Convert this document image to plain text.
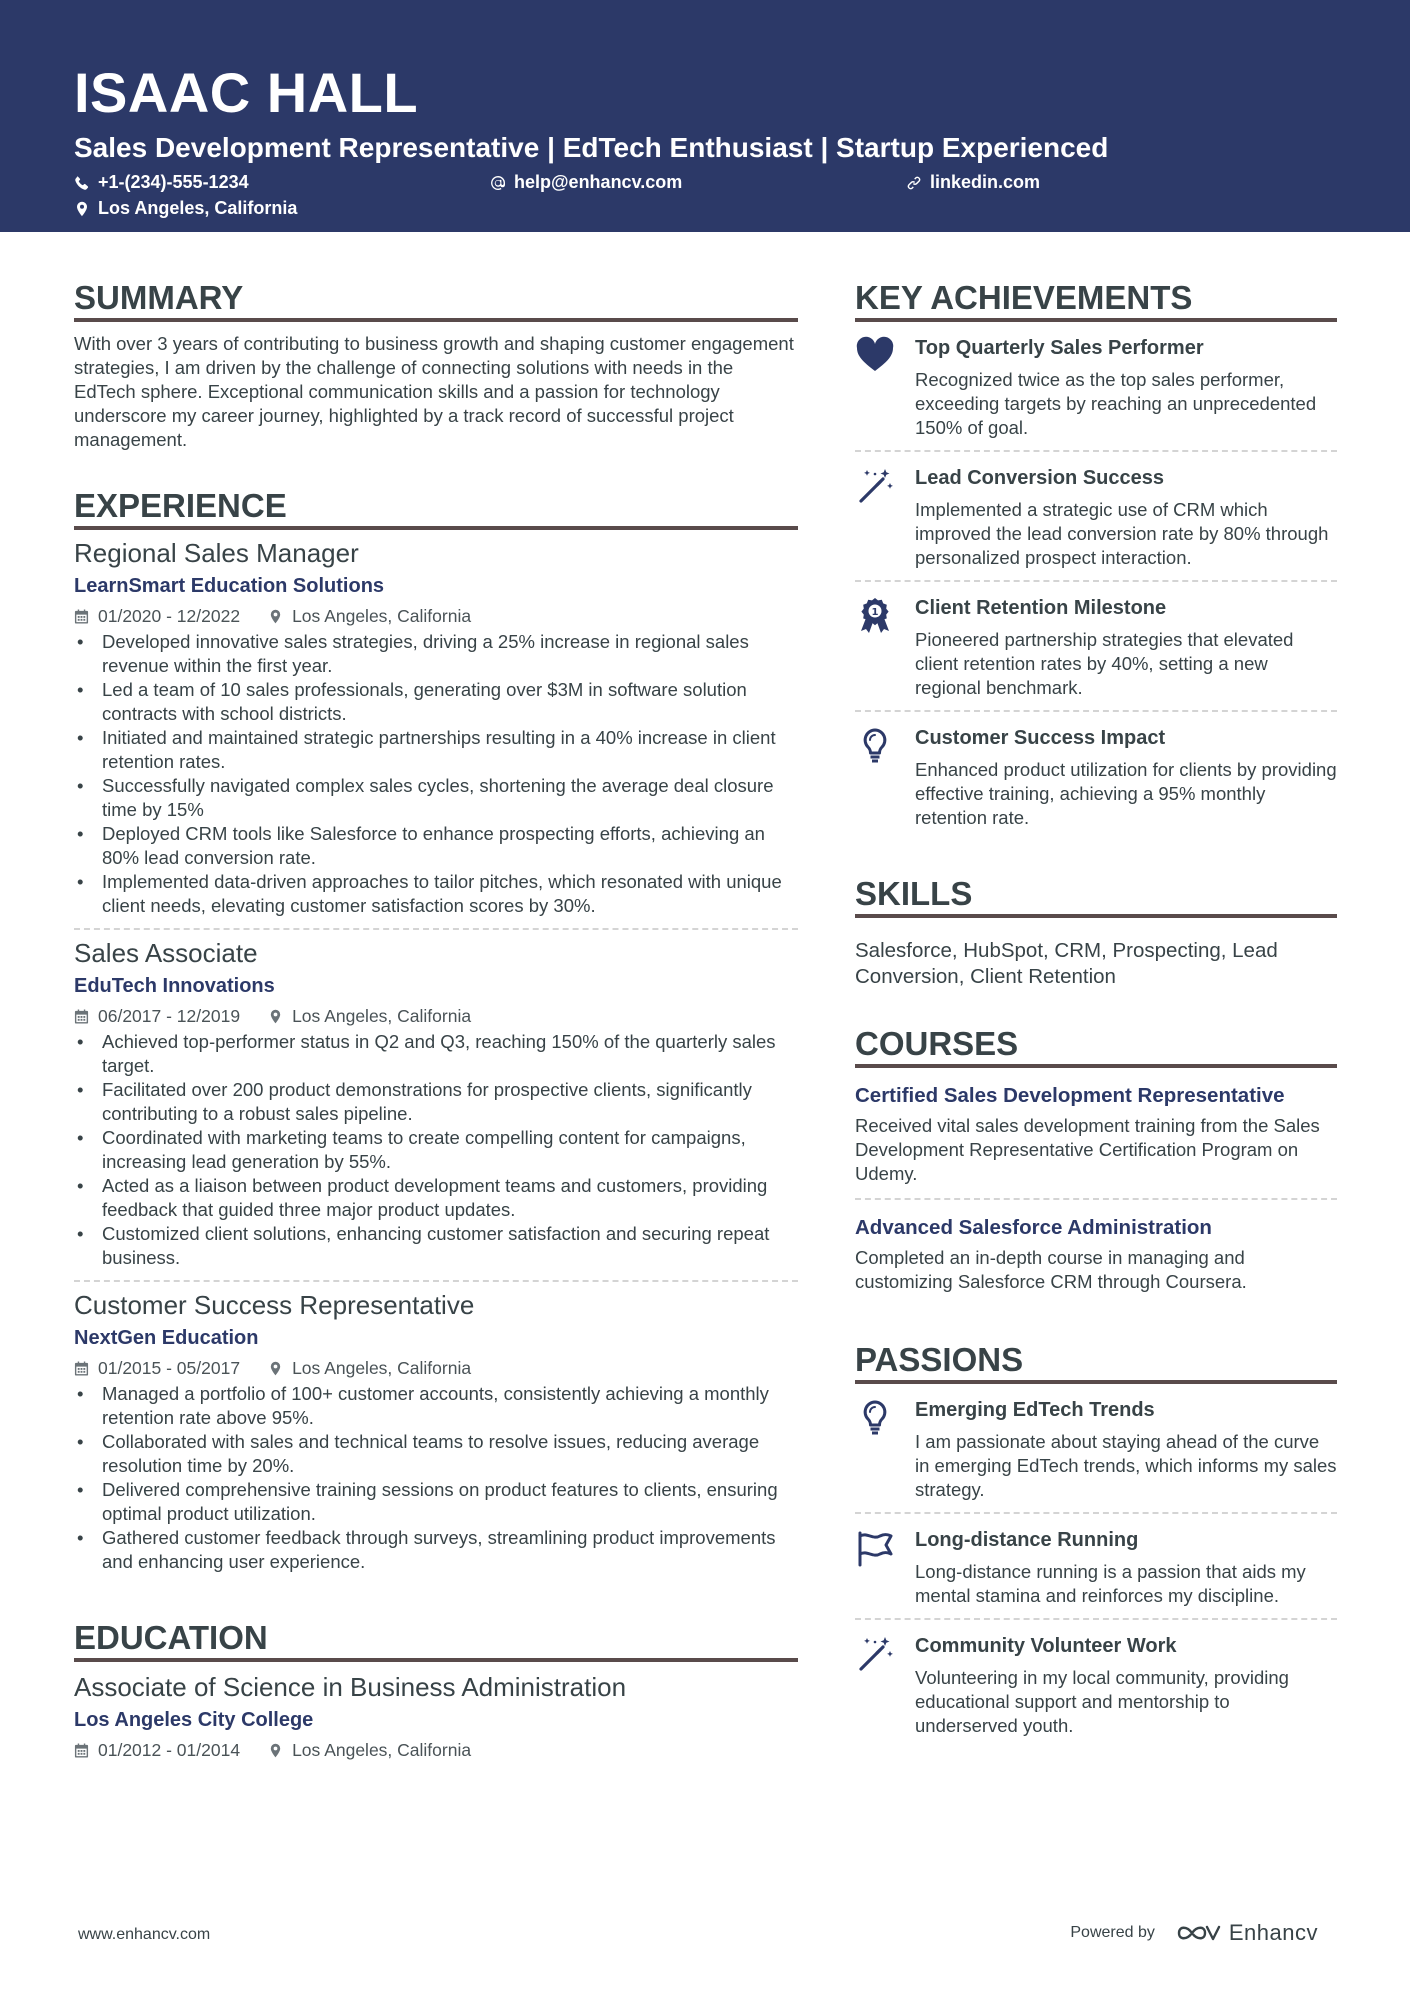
ISAAC HALL
Sales Development Representative | EdTech Enthusiast | Startup Experienced
+1-(234)-555-1234	help@enhancv.com	linkedin.com
Los Angeles, California
SUMMARY

With over 3 years of contributing to business growth and shaping customer engagement strategies, I am driven by the challenge of connecting solutions with needs in the EdTech sphere. Exceptional communication skills and a passion for technology underscore my career journey, highlighted by a track record of successful project management.

EXPERIENCE
Regional Sales Manager
LearnSmart Education Solutions
01/2020 - 12/2022	Los Angeles, California
• Developed innovative sales strategies, driving a 25% increase in regional sales revenue within the first year.
• Led a team of 10 sales professionals, generating over $3M in software solution contracts with school districts.
• Initiated and maintained strategic partnerships resulting in a 40% increase in client retention rates.
• Successfully navigated complex sales cycles, shortening the average deal closure time by 15%
• Deployed CRM tools like Salesforce to enhance prospecting efforts, achieving an 80% lead conversion rate.
• Implemented data-driven approaches to tailor pitches, which resonated with unique client needs, elevating customer satisfaction scores by 30%.
Sales Associate
EduTech Innovations
06/2017 - 12/2019	Los Angeles, California
• Achieved top-performer status in Q2 and Q3, reaching 150% of the quarterly sales target.
• Facilitated over 200 product demonstrations for prospective clients, significantly contributing to a robust sales pipeline.
• Coordinated with marketing teams to create compelling content for campaigns, increasing lead generation by 55%.
• Acted as a liaison between product development teams and customers, providing feedback that guided three major product updates.
• Customized client solutions, enhancing customer satisfaction and securing repeat business.
Customer Success Representative
NextGen Education
01/2015 - 05/2017	Los Angeles, California
• Managed a portfolio of 100+ customer accounts, consistently achieving a monthly retention rate above 95%.
• Collaborated with sales and technical teams to resolve issues, reducing average resolution time by 20%.
• Delivered comprehensive training sessions on product features to clients, ensuring optimal product utilization.
• Gathered customer feedback through surveys, streamlining product improvements and enhancing user experience.
EDUCATION
Associate of Science in Business Administration
Los Angeles City College
01/2012 - 01/2014	Los Angeles, California
KEY ACHIEVEMENTS
Top Quarterly Sales Performer
Recognized twice as the top sales performer, exceeding targets by reaching an unprecedented 150% of goal.
Lead Conversion Success
Implemented a strategic use of CRM which improved the lead conversion rate by 80% through personalized prospect interaction.
1 Client Retention Milestone
Pioneered partnership strategies that elevated client retention rates by 40%, setting a new regional benchmark.
Customer Success Impact
Enhanced product utilization for clients by providing effective training, achieving a 95% monthly retention rate.
SKILLS

Salesforce, HubSpot, CRM, Prospecting, Lead Conversion, Client Retention

COURSES
Certified Sales Development Representative
Received vital sales development training from the Sales Development Representative Certification Program on Udemy.
Advanced Salesforce Administration
Completed an in-depth course in managing and customizing Salesforce CRM through Coursera.
PASSIONS
Emerging EdTech Trends
I am passionate about staying ahead of the curve in emerging EdTech trends, which informs my sales strategy.
Long-distance Running
Long-distance running is a passion that aids my mental stamina and reinforces my discipline.
Community Volunteer Work
Volunteering in my local community, providing educational support and mentorship to underserved youth.
www.enhancv.com	Powered by	Enhancv
